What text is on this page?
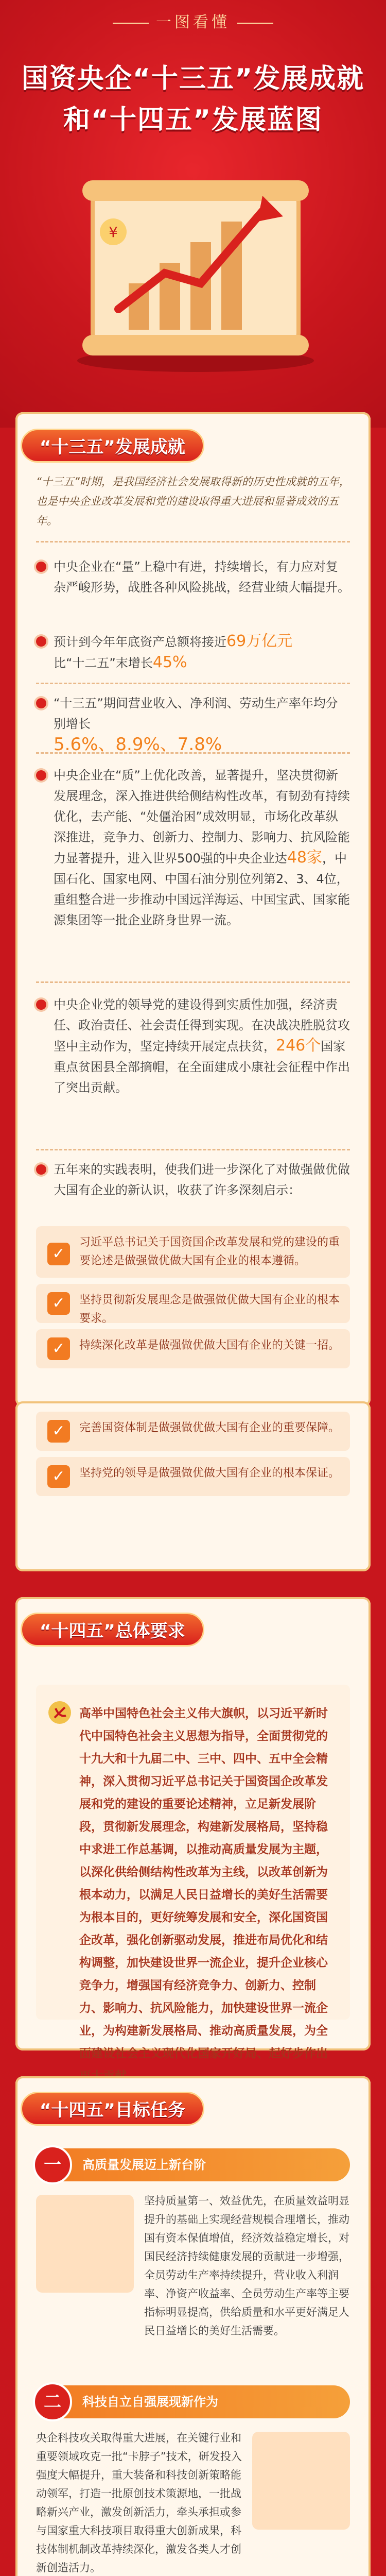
一图看懂
国资央企“十三五”发展成就
和“十四五”发展蓝图
¥
“十三五”发展成就
“十三五”时期，是我国经济社会发展取得新的历史性成就的五年，也是中央企业改革发展和党的建设取得重大进展和显著成效的五年。
中央企业在“量”上稳中有进，持续增长，有力应对复杂严峻形势，战胜各种风险挑战，经营业绩大幅提升。
预计到今年年底资产总额将接近69万亿元
比“十二五”末增长45%
“十三五”期间营业收入、净利润、劳动生产率年均分别增长
5.6%、8.9%、7.8%
中央企业在“质”上优化改善，显著提升，坚决贯彻新发展理念，深入推进供给侧结构性改革，有韧劲有持续优化，去产能、“处僵治困”成效明显，市场化改革纵深推进，竞争力、创新力、控制力、影响力、抗风险能力显著提升，进入世界500强的中央企业达48家，中国石化、国家电网、中国石油分别位列第2、3、4位，重组整合进一步推动中国远洋海运、中国宝武、国家能源集团等一批企业跻身世界一流。
中央企业党的领导党的建设得到实质性加强，经济责任、政治责任、社会责任得到实现。在决战决胜脱贫攻坚中主动作为，坚定持续开展定点扶贫，246个国家重点贫困县全部摘帽，在全面建成小康社会征程中作出了突出贡献。
五年来的实践表明，使我们进一步深化了对做强做优做大国有企业的新认识，收获了许多深刻启示：
✓
习近平总书记关于国资国企改革发展和党的建设的重要论述是做强做优做大国有企业的根本遵循。
✓	坚持贯彻新发展理念是做强做优做大国有企业的根本要求。
✓	持续深化改革是做强做优做大国有企业的关键一招。
✓	完善国资体制是做强做优做大国有企业的重要保障。
✓	坚持党的领导是做强做优做大国有企业的根本保证。
“十四五”总体要求
高举中国特色社会主义伟大旗帜，以习近平新时代中国特色社会主义思想为指导，全面贯彻党的十九大和十九届二中、三中、四中、五中全会精神，深入贯彻习近平总书记关于国资国企改革发展和党的建设的重要论述精神，立足新发展阶段，贯彻新发展理念，构建新发展格局，坚持稳中求进工作总基调，以推动高质量发展为主题，以深化供给侧结构性改革为主线，以改革创新为根本动力，以满足人民日益增长的美好生活需要为根本目的，更好统筹发展和安全，深化国资国企改革，强化创新驱动发展，推进布局优化和结构调整，加快建设世界一流企业，提升企业核心竞争力，增强国有经济竞争力、创新力、控制力、影响力、抗风险能力，加快建设世界一流企业，为构建新发展格局、推动高质量发展，为全面建设社会主义现代化国家开好局、起好步作出
“十四五”目标任务
一	高质量发展迈上新台阶
坚持质量第一、效益优先，在质量效益明显提升的基础上实现经营规模合理增长，推动国有资本保值增值，经济效益稳定增长，对国民经济持续健康发展的贡献进一步增强，全员劳动生产率持续提升，营业收入利润率、净资产收益率、全员劳动生产率等主要指标明显提高，供给质量和水平更好满足人民日益增长的美好生活需要。
二	科技自立自强展现新作为
央企科技攻关取得重大进展，在关键行业和重要领域攻克一批“卡脖子”技术，研发投入强度大幅提升，重大装备和科技创新策略能动领军，打造一批原创技术策源地，一批战略新兴产业，激发创新活力，牵头承担或参与国家重大科技项目取得重大创新成果，科技体制机制改革持续深化，激发各类人才创新创造活力。
